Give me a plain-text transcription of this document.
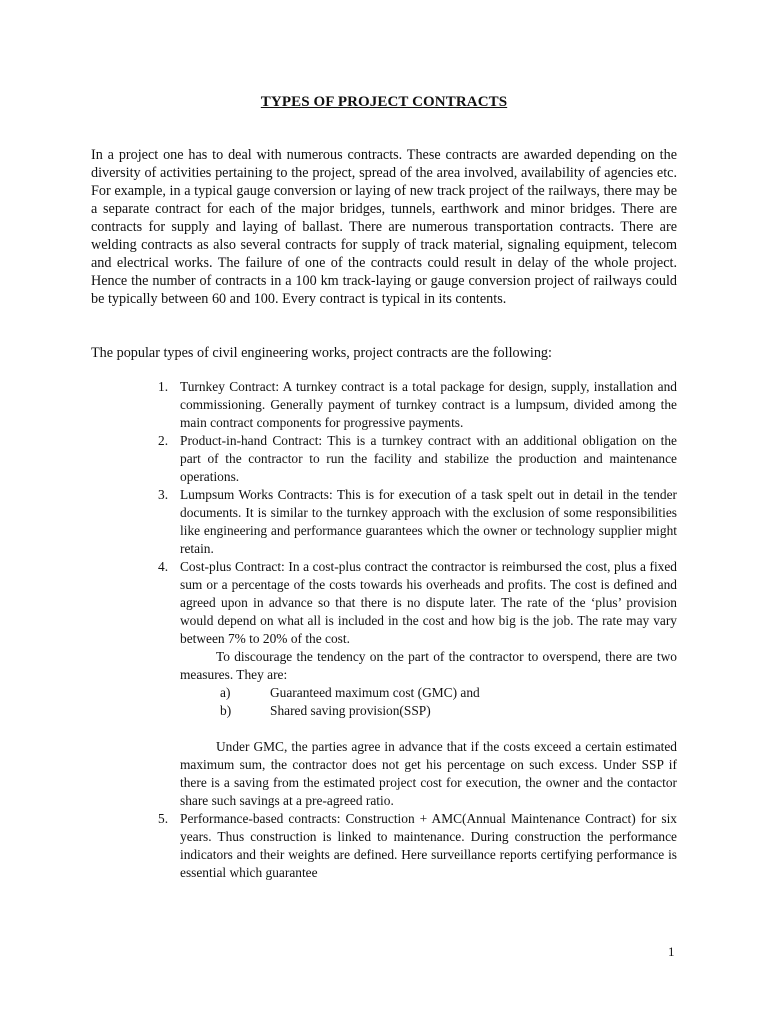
TYPES OF PROJECT CONTRACTS

In a project one has to deal with numerous contracts. These contracts are awarded depending on the diversity of activities pertaining to the project, spread of the area involved, availability of agencies etc. For example, in a typical gauge conversion or laying of new track project of the railways, there may be a separate contract for each of the major bridges, tunnels, earthwork and minor bridges. There are contracts for supply and laying of ballast. There are numerous transportation contracts. There are welding contracts as also several contracts for supply of track material, signaling equipment, telecom and electrical works. The failure of one of the contracts could result in delay of the whole project. Hence the number of contracts in a 100 km track-laying or gauge conversion project of railways could be typically between 60 and 100. Every contract is typical in its contents.

The popular types of civil engineering works, project contracts are the following:

1. Turnkey Contract: A turnkey contract is a total package for design, supply, installation and commissioning. Generally payment of turnkey contract is a lumpsum, divided among the main contract components for progressive payments.
2. Product-in-hand Contract: This is a turnkey contract with an additional obligation on the part of the contractor to run the facility and stabilize the production and maintenance operations.
3. Lumpsum Works Contracts: This is for execution of a task spelt out in detail in the tender documents. It is similar to the turnkey approach with the exclusion of some responsibilities like engineering and performance guarantees which the owner or technology supplier might retain.
4. Cost-plus Contract: In a cost-plus contract the contractor is reimbursed the cost, plus a fixed sum or a percentage of the costs towards his overheads and profits. The cost is defined and agreed upon in advance so that there is no dispute later. The rate of the ‘plus’ provision would depend on what all is included in the cost and how big is the job. The rate may vary between 7% to 20% of the cost.

To discourage the tendency on the part of the contractor to overspend, there are two measures. They are:

a)	Guaranteed maximum cost (GMC) and
b)	Shared saving provision(SSP)

Under GMC, the parties agree in advance that if the costs exceed a certain estimated maximum sum, the contractor does not get his percentage on such excess. Under SSP if there is a saving from the estimated project cost for execution, the owner and the contactor share such savings at a pre-agreed ratio.

5. Performance-based contracts: Construction + AMC(Annual Maintenance Contract) for six years. Thus construction is linked to maintenance. During construction the performance indicators and their weights are defined. Here surveillance reports certifying performance is essential which guarantee
1
